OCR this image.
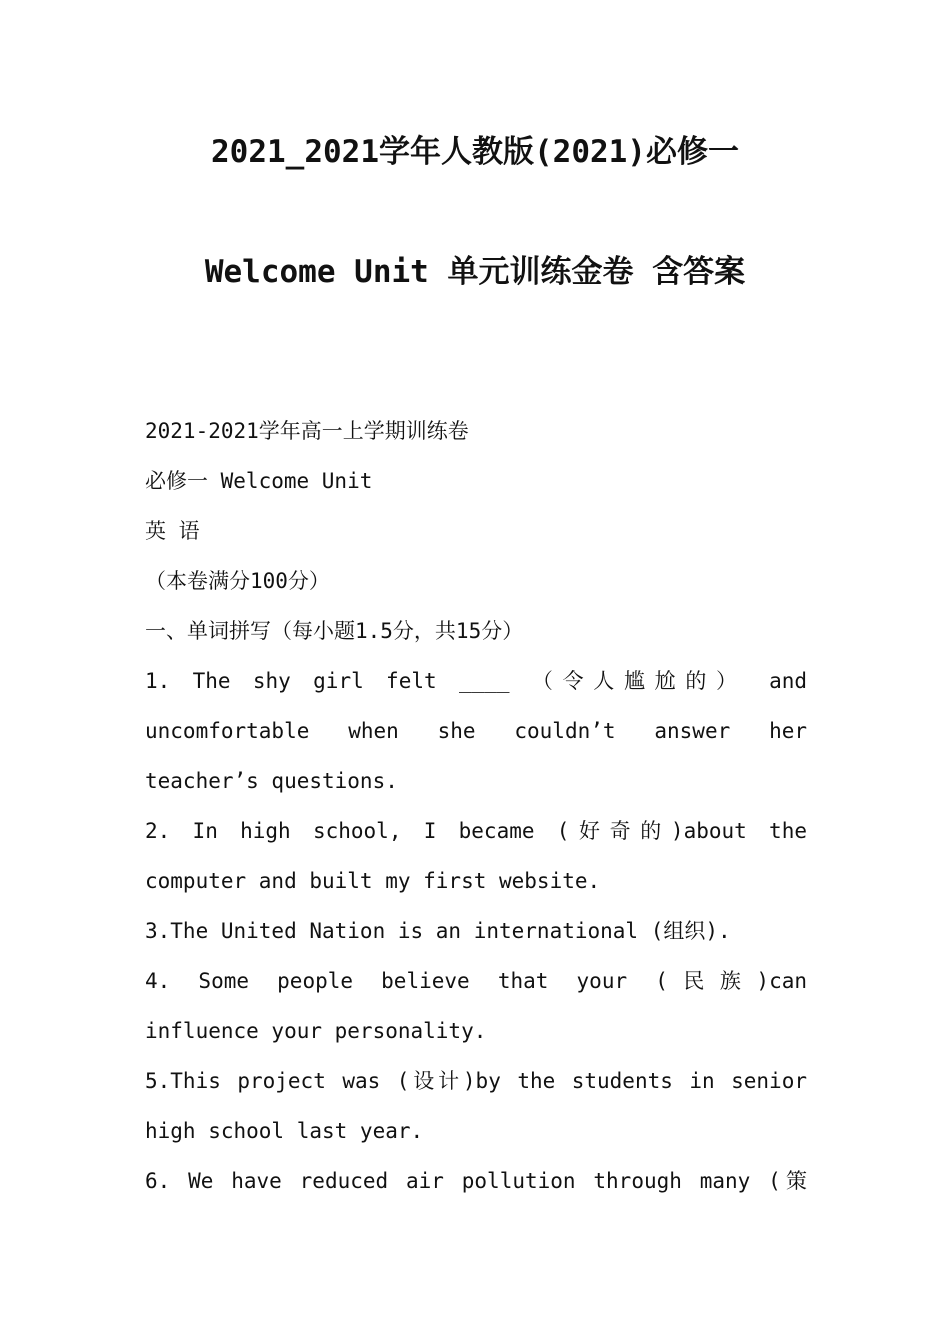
2021_2021学年人教版(2021)必修一
Welcome Unit 单元训练金卷 含答案
2021-2021学年高一上学期训练卷
必修一 Welcome Unit
英 语
（本卷满分100分）
一、单词拼写（每小题1.5分，共15分）
1. The shy girl felt ____ （令人尴尬的） and
uncomfortable when she couldn’t answer her
teacher’s questions.
2. In high school, I became (好奇的)about the
computer and built my first website.
3.The United Nation is an international (组织).
4. Some people believe that your (民族)can
influence your personality.
5.This project was (设计)by the students in senior
high school last year.
6. We have reduced air pollution through many (策
